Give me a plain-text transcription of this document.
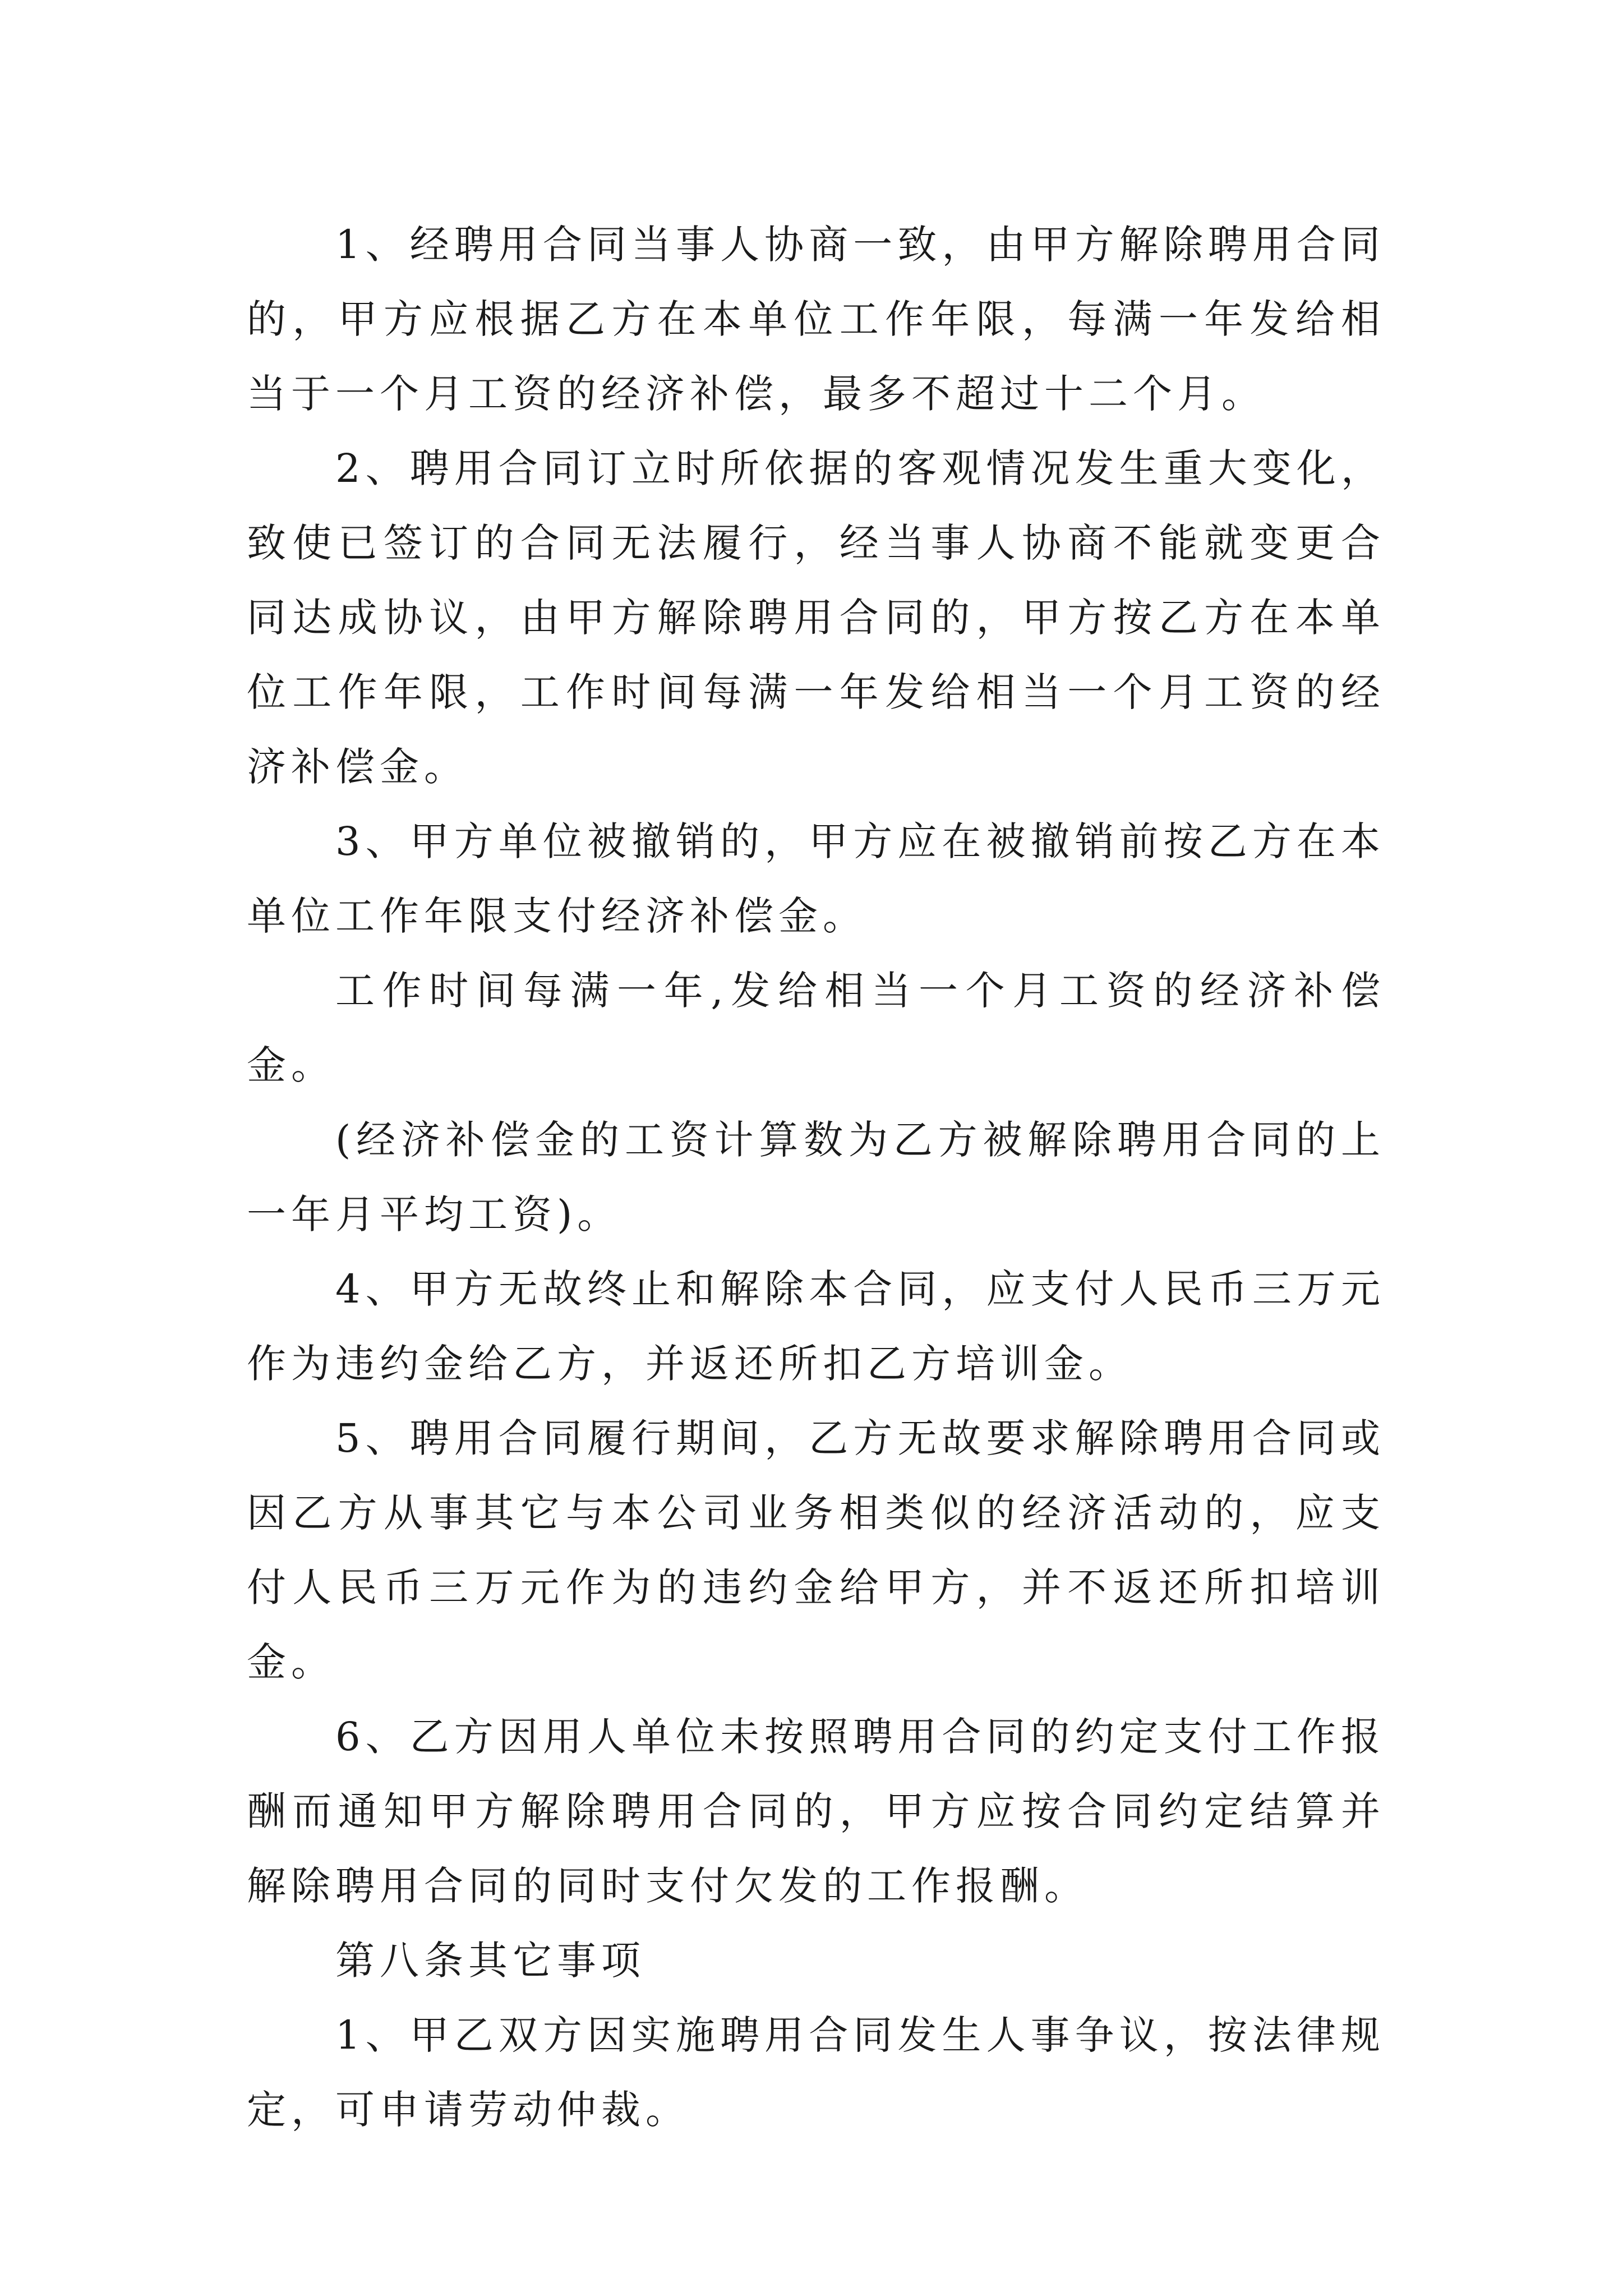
1、经聘用合同当事人协商一致，由甲方解除聘用合同的，甲方应根据乙方在本单位工作年限，每满一年发给相当于一个月工资的经济补偿，最多不超过十二个月。

2、聘用合同订立时所依据的客观情况发生重大变化，致使已签订的合同无法履行，经当事人协商不能就变更合同达成协议，由甲方解除聘用合同的，甲方按乙方在本单位工作年限，工作时间每满一年发给相当一个月工资的经济补偿金。

3、甲方单位被撤销的，甲方应在被撤销前按乙方在本单位工作年限支付经济补偿金。

工作时间每满一年,发给相当一个月工资的经济补偿金。

(经济补偿金的工资计算数为乙方被解除聘用合同的上一年月平均工资)。

4、甲方无故终止和解除本合同，应支付人民币三万元作为违约金给乙方，并返还所扣乙方培训金。

5、聘用合同履行期间，乙方无故要求解除聘用合同或因乙方从事其它与本公司业务相类似的经济活动的，应支付人民币三万元作为的违约金给甲方，并不返还所扣培训金。

6、乙方因用人单位未按照聘用合同的约定支付工作报酬而通知甲方解除聘用合同的，甲方应按合同约定结算并解除聘用合同的同时支付欠发的工作报酬。

第八条其它事项

1、甲乙双方因实施聘用合同发生人事争议，按法律规定，可申请劳动仲裁。
